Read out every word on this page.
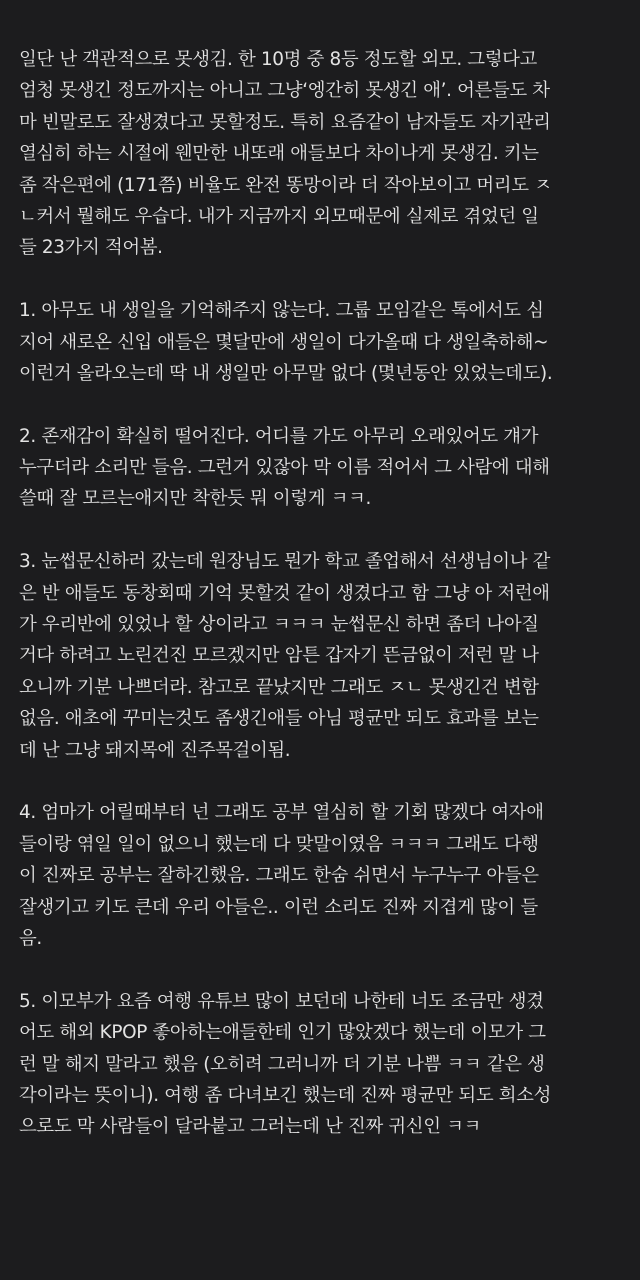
일단 난 객관적으로 못생김. 한 10명 중 8등 정도할 외모. 그렇다고
엄청 못생긴 정도까지는 아니고 그냥‘엥간히 못생긴 애’. 어른들도 차
마 빈말로도 잘생겼다고 못할정도. 특히 요즘같이 남자들도 자기관리
열심히 하는 시절에 웬만한 내또래 애들보다 차이나게 못생김. 키는
좀 작은편에 (171쯤) 비율도 완전 똥망이라 더 작아보이고 머리도 ㅈ
ㄴ커서 뭘해도 우습다. 내가 지금까지 외모때문에 실제로 겪었던 일
들 23가지 적어봄.
1. 아무도 내 생일을 기억해주지 않는다. 그룹 모임같은 톡에서도 심
지어 새로온 신입 애들은 몇달만에 생일이 다가올때 다 생일축하해~
이런거 올라오는데 딱 내 생일만 아무말 없다 (몇년동안 있었는데도).
2. 존재감이 확실히 떨어진다. 어디를 가도 아무리 오래있어도 걔가
누구더라 소리만 들음. 그런거 있잖아 막 이름 적어서 그 사람에 대해
쓸때 잘 모르는애지만 착한듯 뭐 이렇게 ㅋㅋ.
3. 눈썹문신하러 갔는데 원장님도 뭔가 학교 졸업해서 선생님이나 같
은 반 애들도 동창회때 기억 못할것 같이 생겼다고 함 그냥 아 저런애
가 우리반에 있었나 할 상이라고 ㅋㅋㅋ 눈썹문신 하면 좀더 나아질
거다 하려고 노린건진 모르겠지만 암튼 갑자기 뜬금없이 저런 말 나
오니까 기분 나쁘더라. 참고로 끝났지만 그래도 ㅈㄴ 못생긴건 변함
없음. 애초에 꾸미는것도 좀생긴애들 아님 평균만 되도 효과를 보는
데 난 그냥 돼지목에 진주목걸이됨.
4. 엄마가 어릴때부터 넌 그래도 공부 열심히 할 기회 많겠다 여자애
들이랑 엮일 일이 없으니 했는데 다 맞말이였음 ㅋㅋㅋ 그래도 다행
이 진짜로 공부는 잘하긴했음. 그래도 한숨 쉬면서 누구누구 아들은
잘생기고 키도 큰데 우리 아들은.. 이런 소리도 진짜 지겹게 많이 들
음.
5. 이모부가 요즘 여행 유튜브 많이 보던데 나한테 너도 조금만 생겼
어도 해외 KPOP 좋아하는애들한테 인기 많았겠다 했는데 이모가 그
런 말 해지 말라고 했음 (오히려 그러니까 더 기분 나쁨 ㅋㅋ 같은 생
각이라는 뜻이니). 여행 좀 다녀보긴 했는데 진짜 평균만 되도 희소성
으로도 막 사람들이 달라붙고 그러는데 난 진짜 귀신인 ㅋㅋ
